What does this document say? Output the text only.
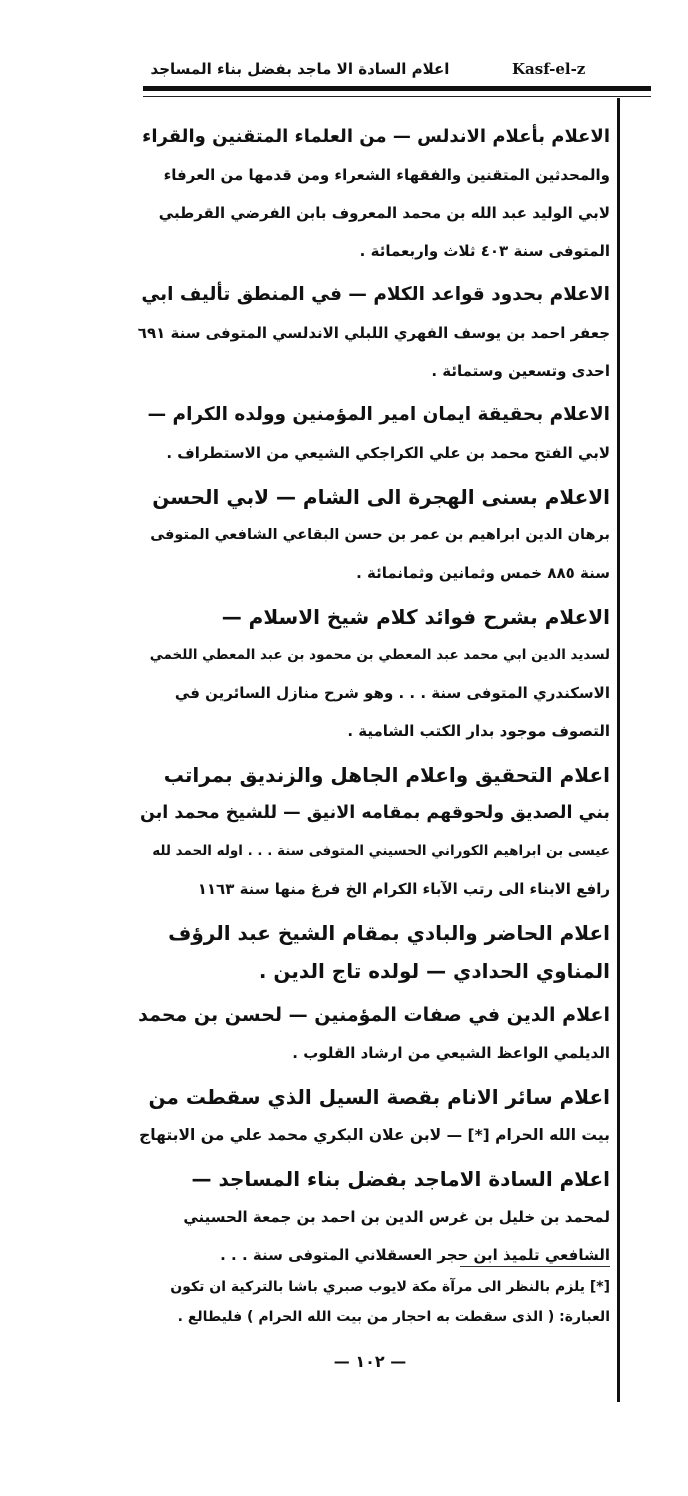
Kasf-el-z
اعلام السادة الا ماجد بفضل بناء المساجد
الاعلام بأعلام الاندلس — من العلماء المتقنين والقراء
والمحدثين المتقنين والفقهاء الشعراء ومن قدمها من العرفاء
لابي الوليد عبد الله بن محمد المعروف بابن الفرضي القرطبي
المتوفى سنة ٤٠٣ ثلاث واربعمائة .
الاعلام بحدود قواعد الكلام — في المنطق تأليف ابي
جعفر احمد بن يوسف الفهري اللبلي الاندلسي المتوفى سنة ٦٩١
احدى وتسعين وستمائة .
الاعلام بحقيقة ايمان امير المؤمنين وولده الكرام —
لابي الفتح محمد بن علي الكراجكي الشيعي من الاستطراف .
الاعلام بسنى الهجرة الى الشام — لابي الحسن
برهان الدين ابراهيم بن عمر بن حسن البقاعي الشافعي المتوفى
سنة ٨٨٥ خمس وثمانين وثمانمائة .
الاعلام بشرح فوائد كلام شيخ الاسلام —
لسديد الدين ابي محمد عبد المعطي بن محمود بن عبد المعطي اللخمي
الاسكندري المتوفى سنة . . . وهو شرح منازل السائرين في
التصوف موجود بدار الكتب الشامية .
اعلام التحقيق واعلام الجاهل والزنديق بمراتب
بني الصديق ولحوقهم بمقامه الانيق — للشيخ محمد ابن
عيسى بن ابراهيم الكوراني الحسيني المتوفى سنة . . . اوله الحمد لله
رافع الابناء الى رتب الآباء الكرام الخ فرغ منها سنة ١١٦٣
اعلام الحاضر والبادي بمقام الشيخ عبد الرؤف
المناوي الحدادي — لولده تاج الدين .
اعلام الدين في صفات المؤمنين — لحسن بن محمد
الديلمي الواعظ الشيعي من ارشاد القلوب .
اعلام سائر الانام بقصة السيل الذي سقطت من
بيت الله الحرام [*] — لابن علان البكري محمد علي من الابتهاج
اعلام السادة الاماجد بفضل بناء المساجد —
لمحمد بن خليل بن غرس الدين بن احمد بن جمعة الحسيني
الشافعي تلميذ ابن حجر العسقلاني المتوفى سنة . . .
[*] يلزم بالنظر الى مرآة مكة لايوب صبري باشا بالتركية ان تكون
العبارة: ( الذى سقطت به احجار من بيت الله الحرام ) فليطالع .
— ١٠٢ —
